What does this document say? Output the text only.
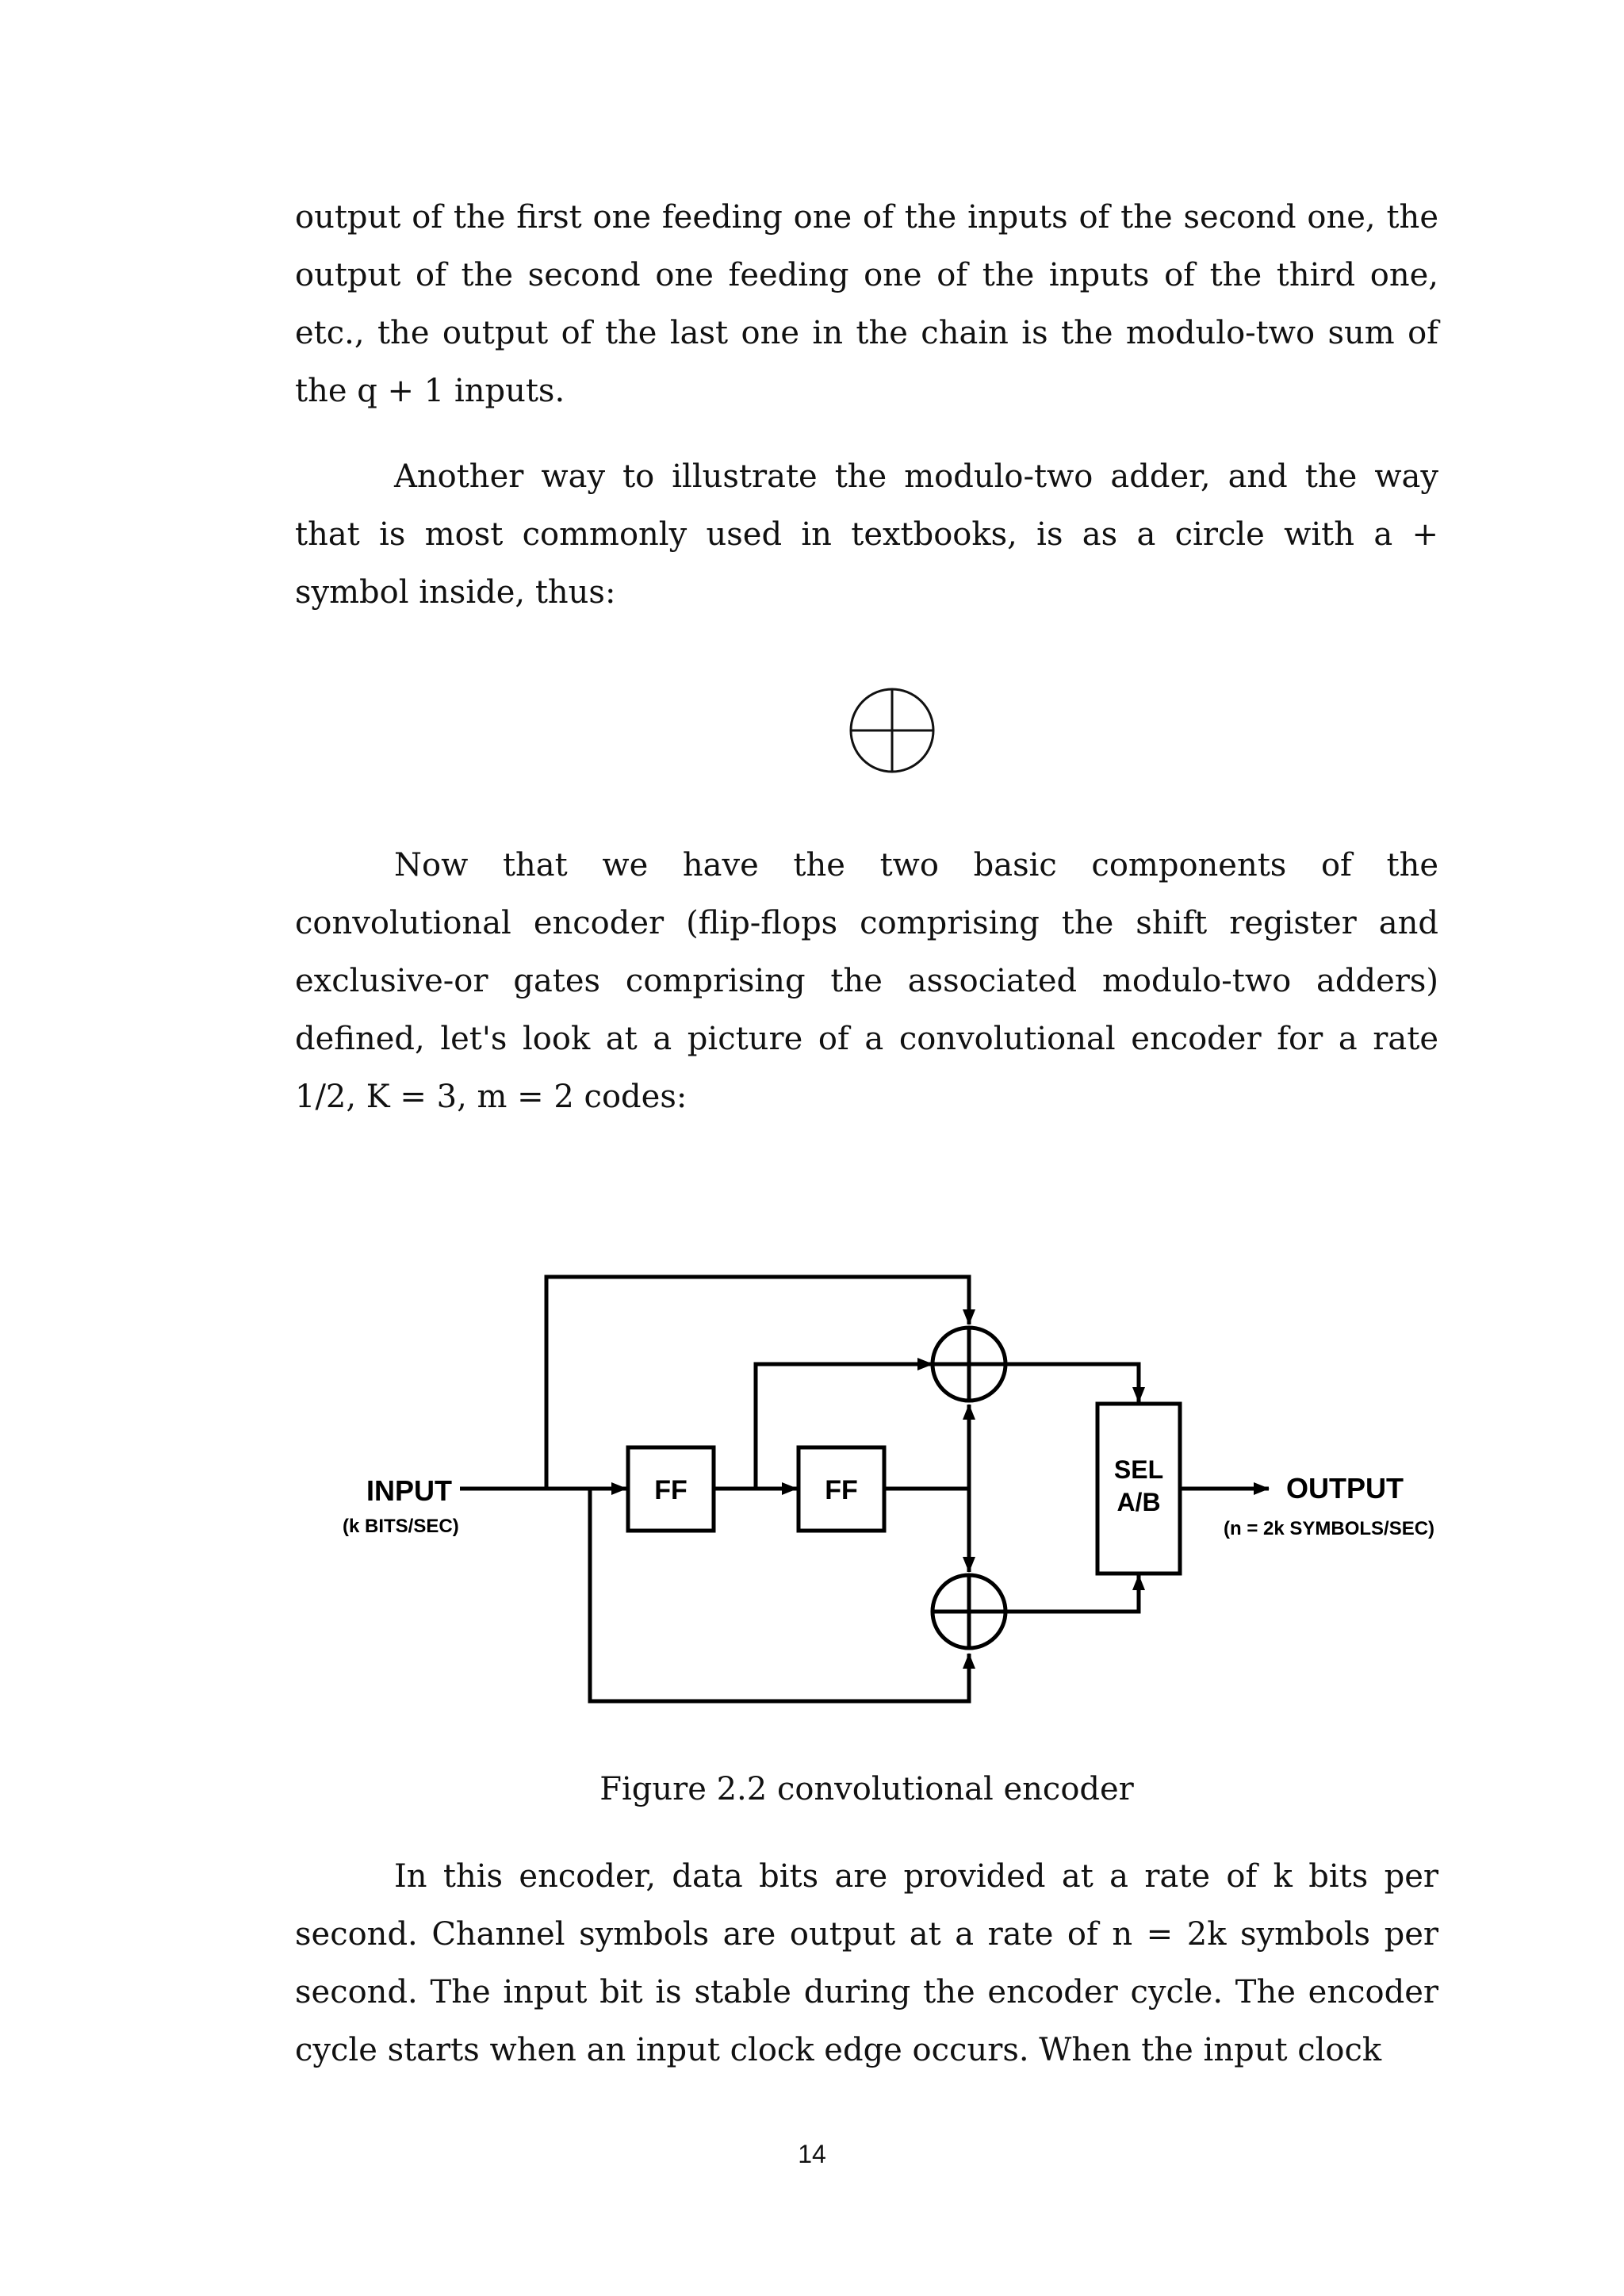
output of the first one feeding one of the inputs of the second one, the output of the second one feeding one of the inputs of the third one, etc., the output of the last one in the chain is the modulo-two sum of the q + 1 inputs.

Another way to illustrate the modulo-two adder, and the way that is most commonly used in textbooks, is as a circle with a + symbol inside, thus:

Now that we have the two basic components of the convolutional encoder (flip-flops comprising the shift register and exclusive-or gates comprising the associated modulo-two adders) defined, let's look at a picture of a convolutional encoder for a rate 1/2, K = 3, m = 2 codes:

INPUT
(k BITS/SEC)
FF	FF
SEL
A/B	OUTPUT
(n = 2k SYMBOLS/SEC)

Figure 2.2 convolutional encoder

In this encoder, data bits are provided at a rate of k bits per second. Channel symbols are output at a rate of n = 2k symbols per second. The input bit is stable during the encoder cycle. The encoder cycle starts when an input clock edge occurs. When the input clock

14
